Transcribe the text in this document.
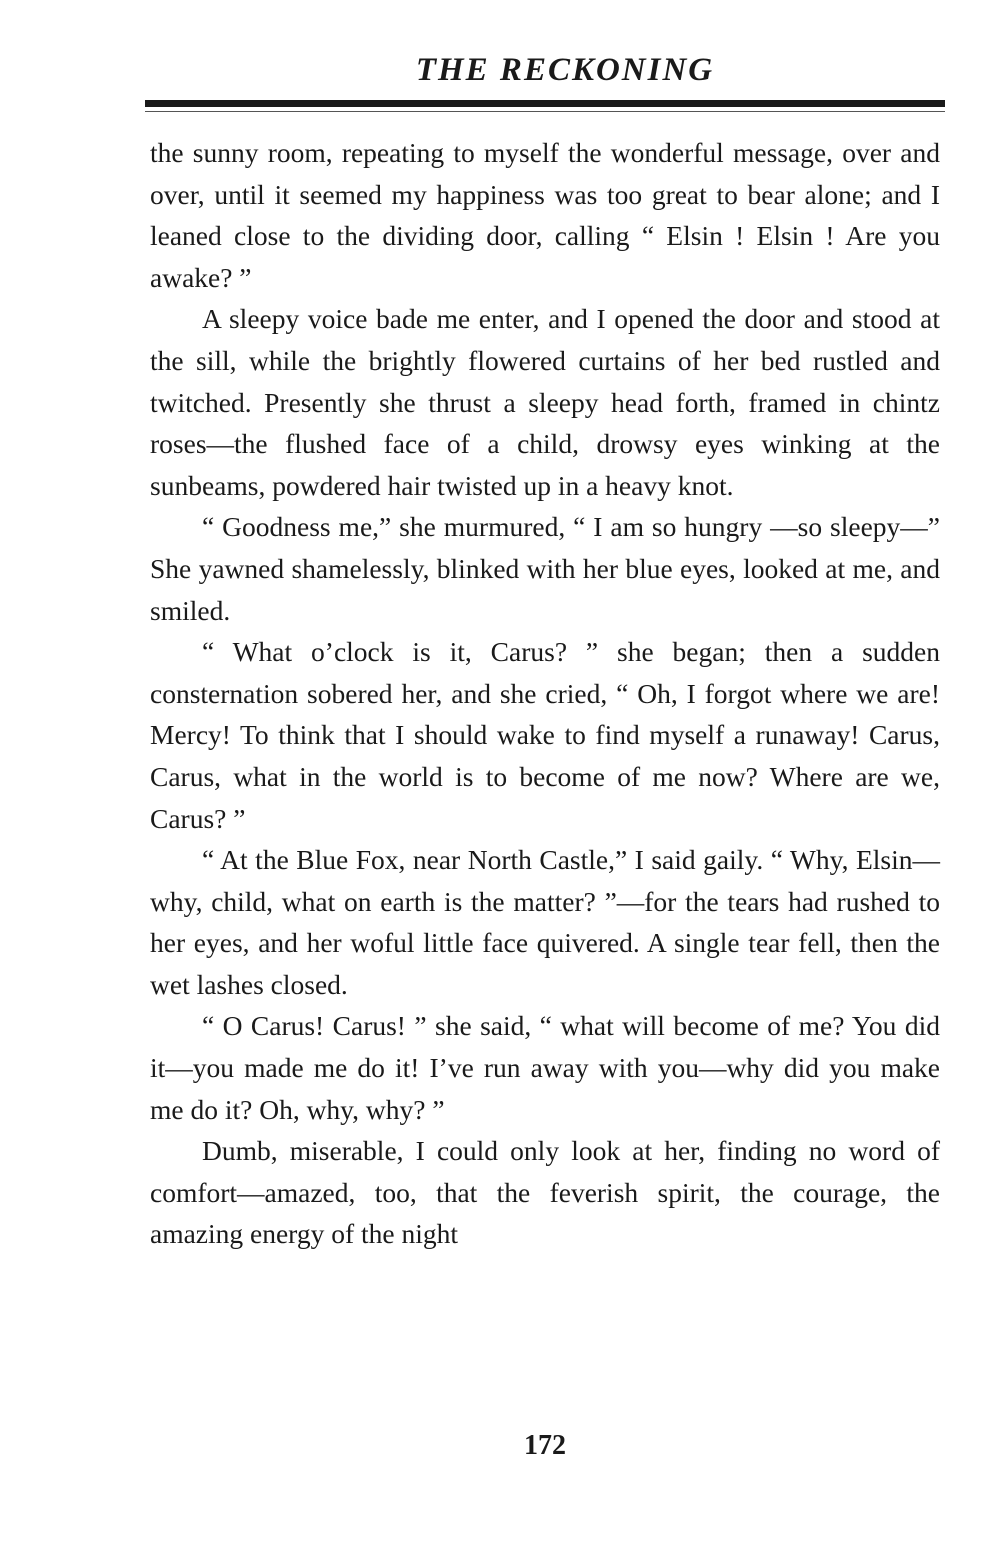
THE RECKONING

the sunny room, repeating to myself the wonderful message, over and over, until it seemed my happiness was too great to bear alone; and I leaned close to the dividing door, calling “ Elsin ! Elsin ! Are you awake? ”

A sleepy voice bade me enter, and I opened the door and stood at the sill, while the brightly flowered curtains of her bed rustled and twitched. Presently she thrust a sleepy head forth, framed in chintz roses—the flushed face of a child, drowsy eyes winking at the sunbeams, powdered hair twisted up in a heavy knot.

“ Goodness me,” she murmured, “ I am so hungry —so sleepy—” She yawned shamelessly, blinked with her blue eyes, looked at me, and smiled.

“ What o’clock is it, Carus? ” she began; then a sudden consternation sobered her, and she cried, “ Oh, I forgot where we are! Mercy! To think that I should wake to find myself a runaway! Carus, Carus, what in the world is to become of me now? Where are we, Carus? ”

“ At the Blue Fox, near North Castle,” I said gaily. “ Why, Elsin—why, child, what on earth is the matter? ”—for the tears had rushed to her eyes, and her woful little face quivered. A single tear fell, then the wet lashes closed.

“ O Carus! Carus! ” she said, “ what will become of me? You did it—you made me do it! I’ve run away with you—why did you make me do it? Oh, why, why? ”

Dumb, miserable, I could only look at her, finding no word of comfort—amazed, too, that the feverish spirit, the courage, the amazing energy of the night

172
